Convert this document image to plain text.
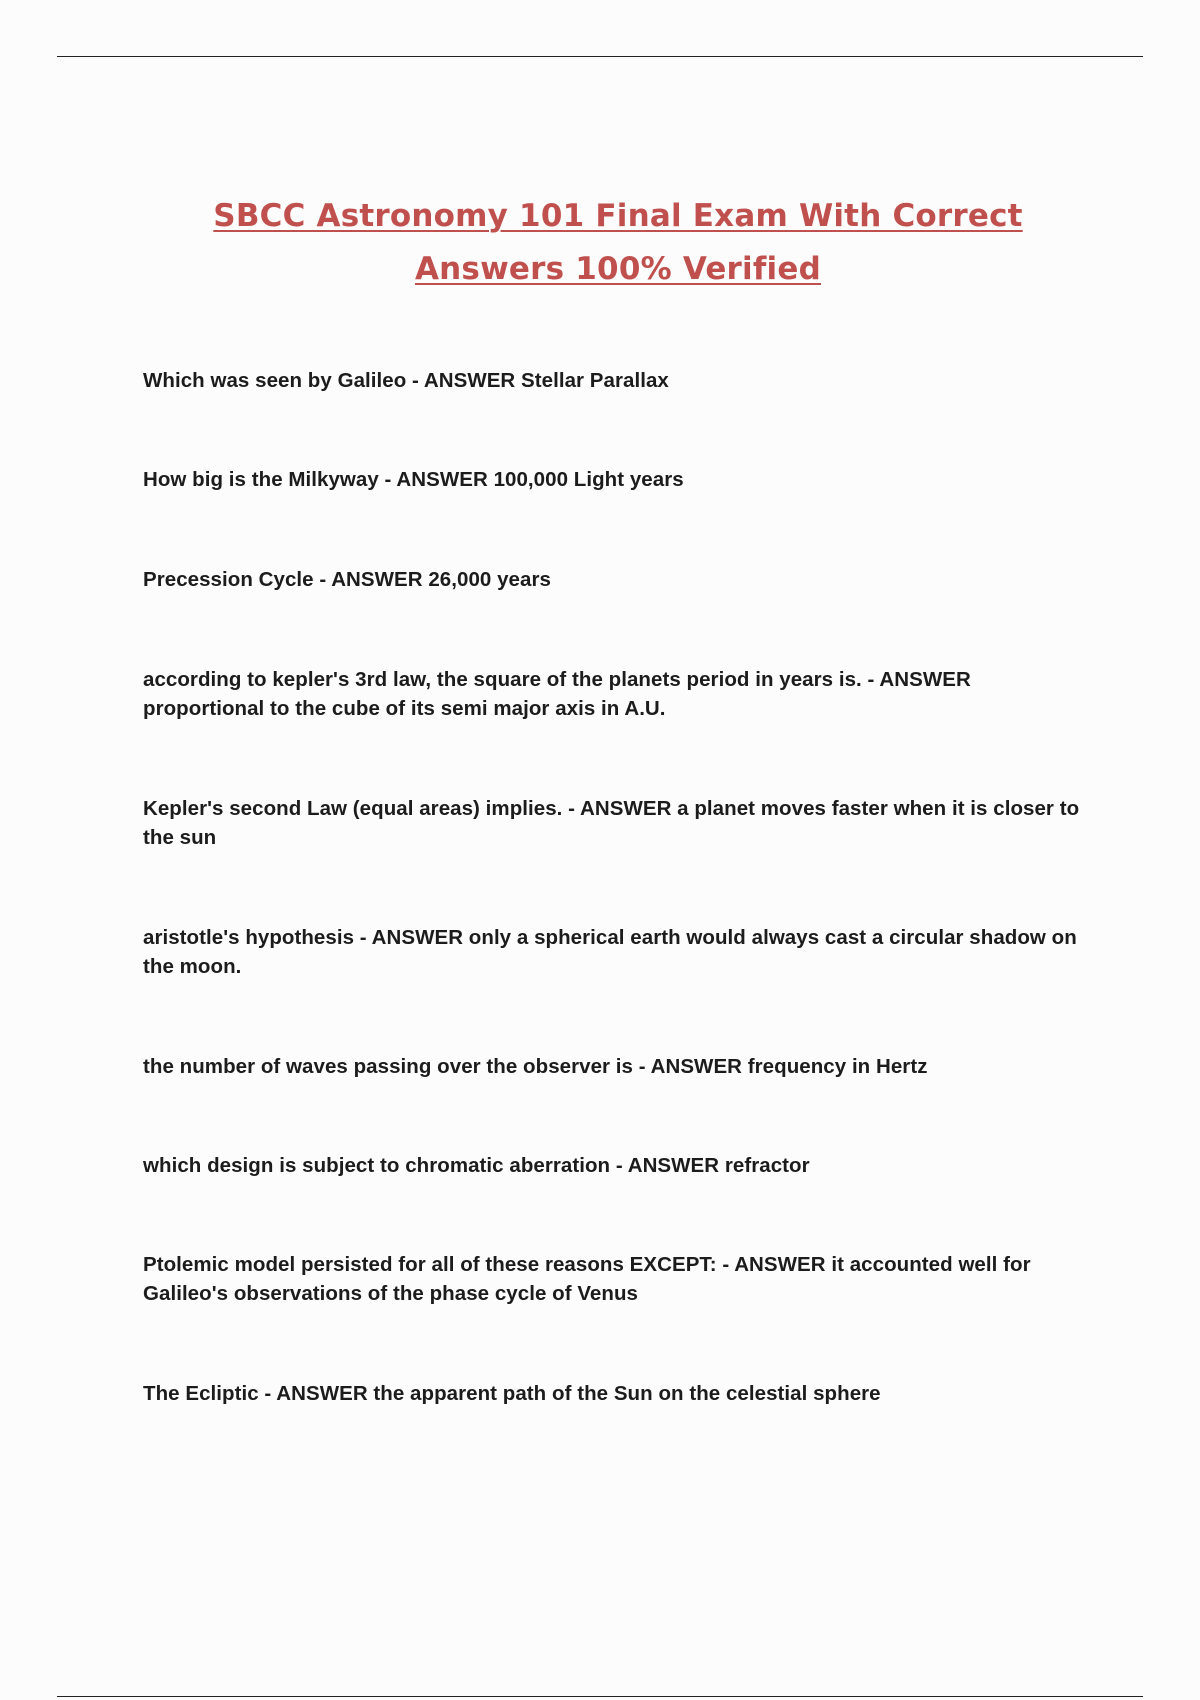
SBCC Astronomy 101 Final Exam With Correct
Answers 100% Verified
Which was seen by Galileo - ANSWER Stellar Parallax
How big is the Milkyway - ANSWER 100,000 Light years
Precession Cycle - ANSWER 26,000 years
according to kepler's 3rd law, the square of the planets period in years is. - ANSWER proportional to the cube of its semi major axis in A.U.
Kepler's second Law (equal areas) implies. - ANSWER a planet moves faster when it is closer to the sun
aristotle's hypothesis - ANSWER only a spherical earth would always cast a circular shadow on the moon.
the number of waves passing over the observer is - ANSWER frequency in Hertz
which design is subject to chromatic aberration - ANSWER refractor
Ptolemic model persisted for all of these reasons EXCEPT: - ANSWER it accounted well for Galileo's observations of the phase cycle of Venus
The Ecliptic - ANSWER the apparent path of the Sun on the celestial sphere
